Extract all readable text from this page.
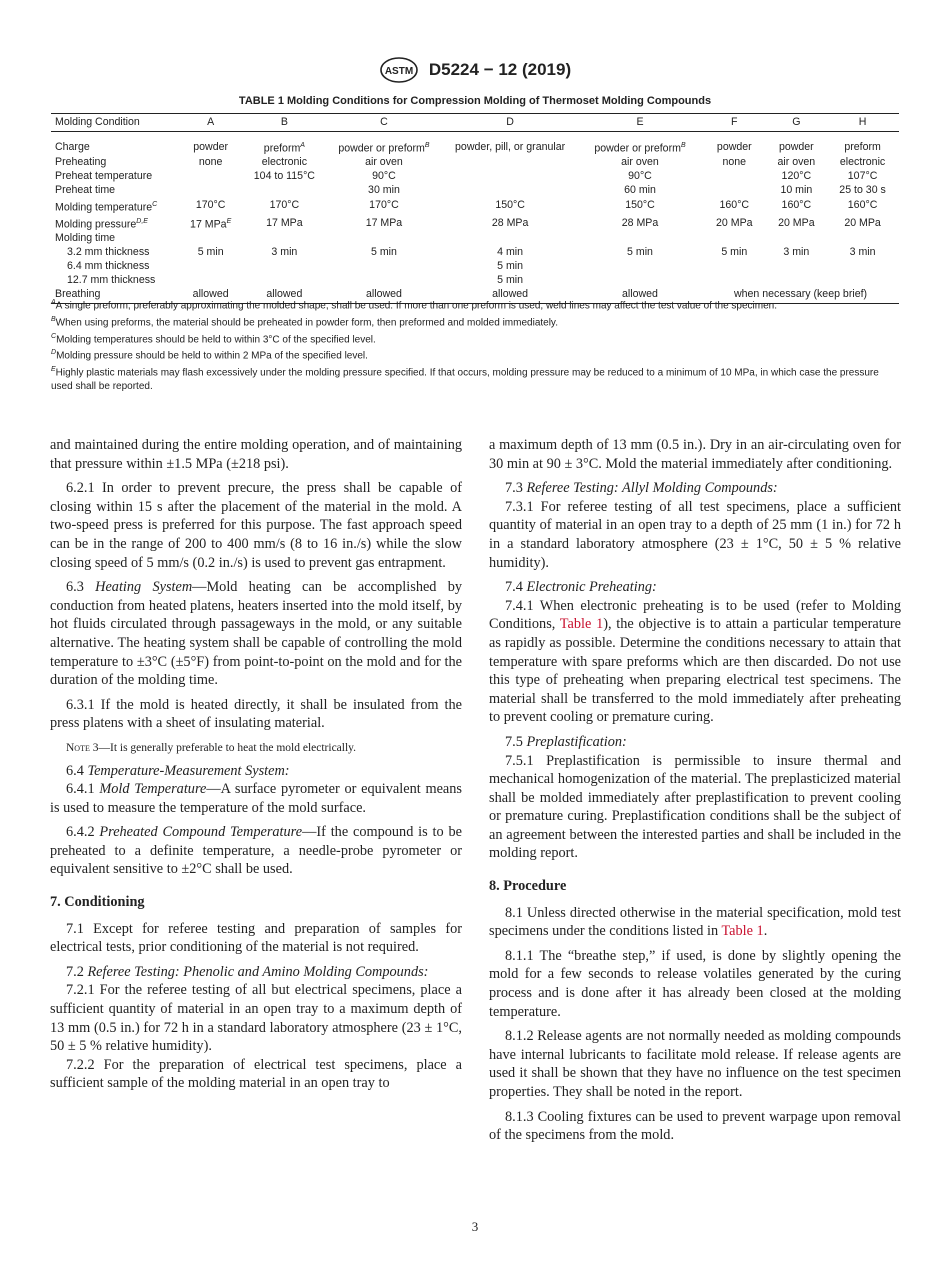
ASTM D5224 − 12 (2019)
TABLE 1 Molding Conditions for Compression Molding of Thermoset Molding Compounds
Molding Condition	A	B	C	D	E	F	G	H
Charge	powder	preform$^A$	powder or preform$^B$	powder, pill, or granular	powder or preform$^B$	powder	powder	preform
Preheating	none	electronic	air oven		air oven	none	air oven	electronic
Preheat temperature		104 to 115°C	90°C		90°C		120°C	107°C
Preheat time			30 min		60 min		10 min	25 to 30 s
Molding temperature$^C$	170°C	170°C	170°C	150°C	150°C	160°C	160°C	160°C
Molding pressure$^{D,E}$	17 MPa$^E$	17 MPa	17 MPa	28 MPa	28 MPa	20 MPa	20 MPa	20 MPa
Molding time								
3.2 mm thickness	5 min	3 min	5 min	4 min	5 min	5 min	3 min	3 min
6.4 mm thickness				5 min				
12.7 mm thickness				5 min				
Breathing	allowed	allowed	allowed	allowed	allowed	when necessary (keep brief)		

$^A$A single preform, preferably approximating the molded shape, shall be used. If more than one preform is used, weld lines may affect the test value of the specimen.

$^B$When using preforms, the material should be preheated in powder form, then preformed and molded immediately.

$^C$Molding temperatures should be held to within 3°C of the specified level.

$^D$Molding pressure should be held to within 2 MPa of the specified level.

$^E$Highly plastic materials may flash excessively under the molding pressure specified. If that occurs, molding pressure may be reduced to a minimum of 10 MPa, in which case the pressure used shall be reported.

and maintained during the entire molding operation, and of maintaining that pressure within ±1.5 MPa (±218 psi).

6.2.1 In order to prevent precure, the press shall be capable of closing within 15 s after the placement of the material in the mold. A two-speed press is preferred for this purpose. The fast approach speed can be in the range of 200 to 400 mm/s (8 to 16 in./s) while the slow closing speed of 5 mm/s (0.2 in./s) is used to prevent gas entrapment.

6.3 Heating System—Mold heating can be accomplished by conduction from heated platens, heaters inserted into the mold itself, by hot fluids circulated through passageways in the mold, or any suitable alternative. The heating system shall be capable of controlling the mold temperature to ±3°C (±5°F) from point-to-point on the mold and for the duration of the molding time.

6.3.1 If the mold is heated directly, it shall be insulated from the press platens with a sheet of insulating material.

Note 3—It is generally preferable to heat the mold electrically.

6.4 Temperature-Measurement System:

6.4.1 Mold Temperature—A surface pyrometer or equivalent means is used to measure the temperature of the mold surface.

6.4.2 Preheated Compound Temperature—If the compound is to be preheated to a definite temperature, a needle-probe pyrometer or equivalent sensitive to ±2°C shall be used.

7. Conditioning

7.1 Except for referee testing and preparation of samples for electrical tests, prior conditioning of the material is not required.

7.2 Referee Testing: Phenolic and Amino Molding Compounds:

7.2.1 For the referee testing of all but electrical specimens, place a sufficient quantity of material in an open tray to a maximum depth of 13 mm (0.5 in.) for 72 h in a standard laboratory atmosphere (23 ± 1°C, 50 ± 5 % relative humidity).

7.2.2 For the preparation of electrical test specimens, place a sufficient sample of the molding material in an open tray to

a maximum depth of 13 mm (0.5 in.). Dry in an air-circulating oven for 30 min at 90 ± 3°C. Mold the material immediately after conditioning.

7.3 Referee Testing: Allyl Molding Compounds:

7.3.1 For referee testing of all test specimens, place a sufficient quantity of material in an open tray to a depth of 25 mm (1 in.) for 72 h in a standard laboratory atmosphere (23 ± 1°C, 50 ± 5 % relative humidity).

7.4 Electronic Preheating:

7.4.1 When electronic preheating is to be used (refer to Molding Conditions, Table 1), the objective is to attain a particular temperature as rapidly as possible. Determine the conditions necessary to attain that temperature with spare preforms which are then discarded. Do not use this type of preheating when preparing electrical test specimens. The material shall be transferred to the mold immediately after preheating to prevent cooling or premature curing.

7.5 Preplastification:

7.5.1 Preplastification is permissible to insure thermal and mechanical homogenization of the material. The preplasticized material shall be molded immediately after preplastification to prevent cooling or premature curing. Preplastification conditions shall be the subject of an agreement between the interested parties and shall be included in the molding report.

8. Procedure

8.1 Unless directed otherwise in the material specification, mold test specimens under the conditions listed in Table 1.

8.1.1 The “breathe step,” if used, is done by slightly opening the mold for a few seconds to release volatiles generated by the curing process and is done after it has already been closed at the molding temperature.

8.1.2 Release agents are not normally needed as molding compounds have internal lubricants to facilitate mold release. If release agents are used it shall be shown that they have no influence on the test specimen properties. They shall be noted in the report.

8.1.3 Cooling fixtures can be used to prevent warpage upon removal of the specimens from the mold.

3
